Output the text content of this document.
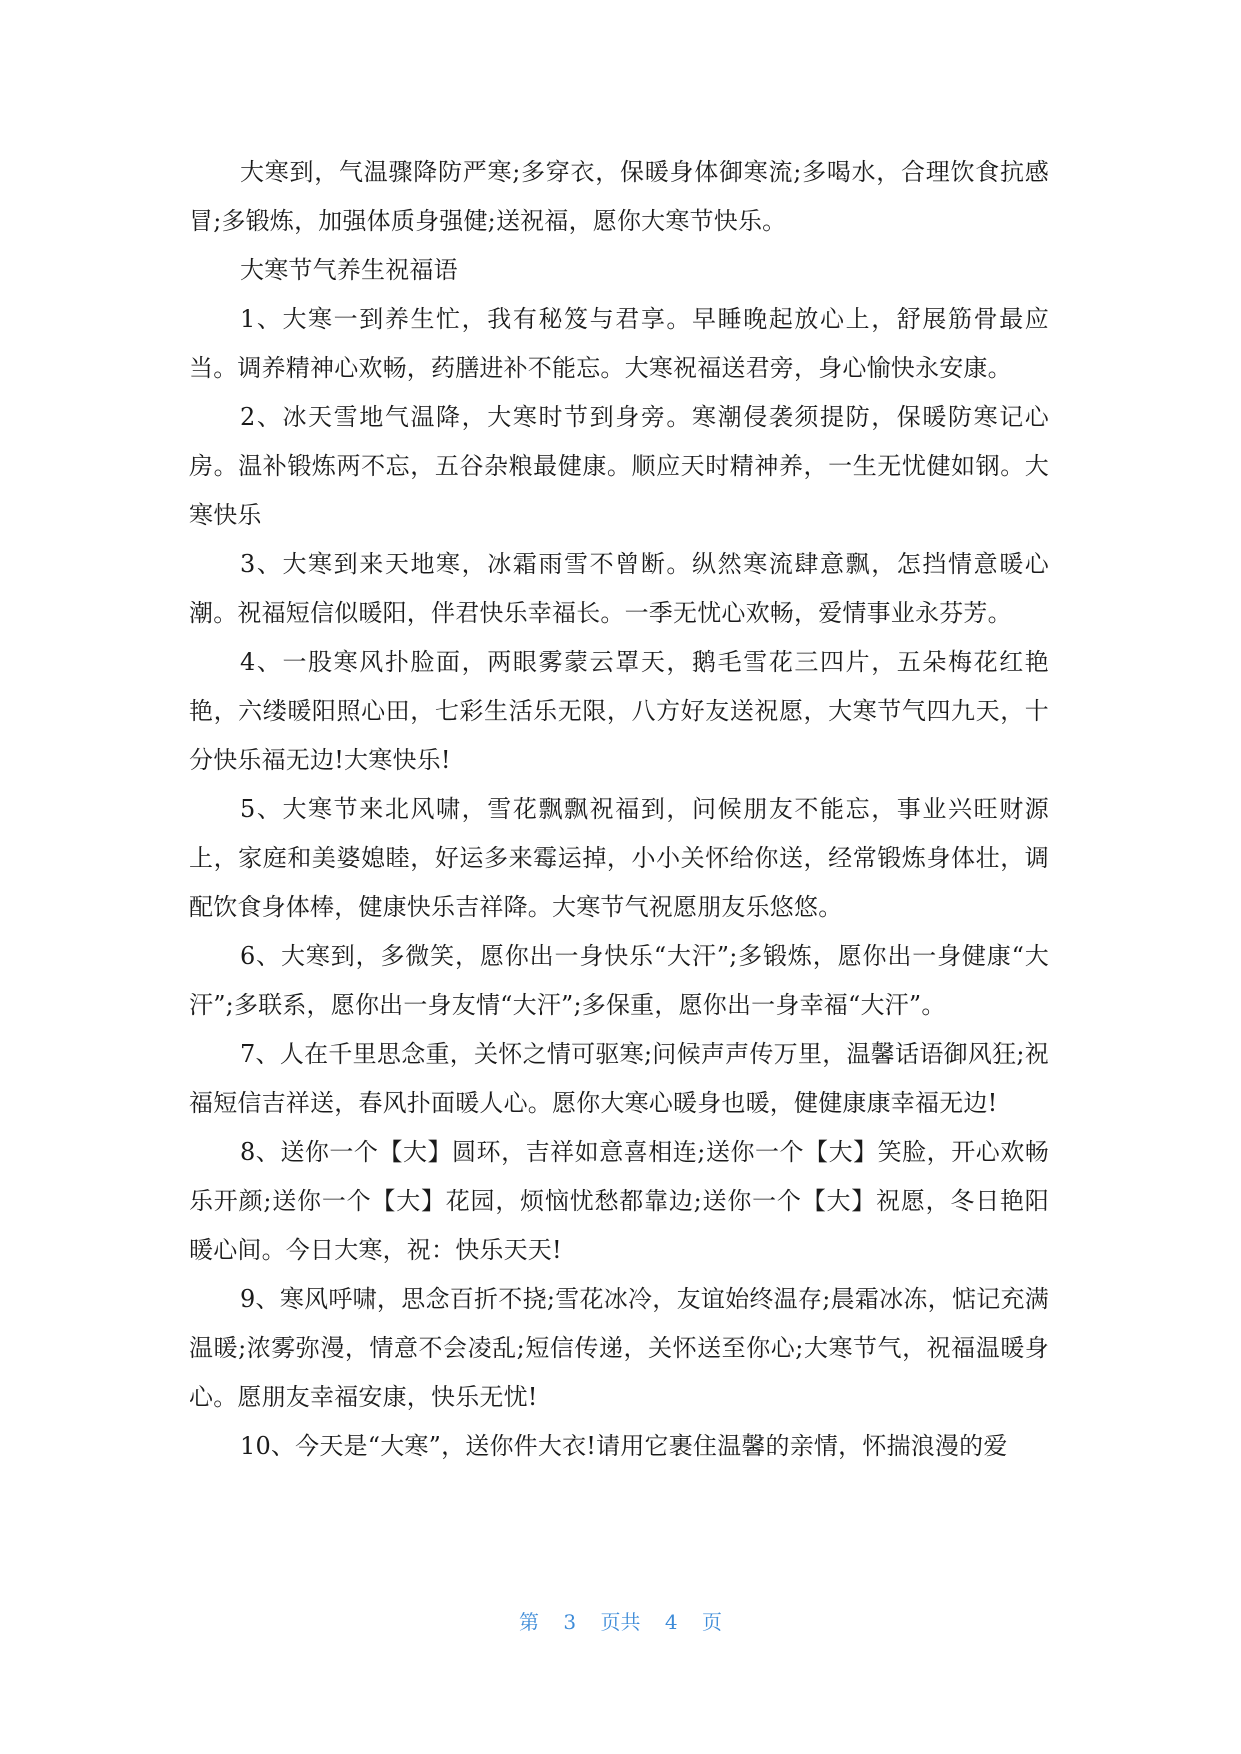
大寒到，气温骤降防严寒;多穿衣，保暖身体御寒流;多喝水，合理饮食抗感冒;多锻炼，加强体质身强健;送祝福，愿你大寒节快乐。

大寒节气养生祝福语

1、大寒一到养生忙，我有秘笈与君享。早睡晚起放心上，舒展筋骨最应当。调养精神心欢畅，药膳进补不能忘。大寒祝福送君旁，身心愉快永安康。

2、冰天雪地气温降，大寒时节到身旁。寒潮侵袭须提防，保暖防寒记心房。温补锻炼两不忘，五谷杂粮最健康。顺应天时精神养，一生无忧健如钢。大寒快乐

3、大寒到来天地寒，冰霜雨雪不曾断。纵然寒流肆意飘，怎挡情意暖心潮。祝福短信似暖阳，伴君快乐幸福长。一季无忧心欢畅，爱情事业永芬芳。

4、一股寒风扑脸面，两眼雾蒙云罩天，鹅毛雪花三四片，五朵梅花红艳艳，六缕暖阳照心田，七彩生活乐无限，八方好友送祝愿，大寒节气四九天，十分快乐福无边!大寒快乐!

5、大寒节来北风啸，雪花飘飘祝福到，问候朋友不能忘，事业兴旺财源上，家庭和美婆媳睦，好运多来霉运掉，小小关怀给你送，经常锻炼身体壮，调配饮食身体棒，健康快乐吉祥降。大寒节气祝愿朋友乐悠悠。

6、大寒到，多微笑，愿你出一身快乐“大汗”;多锻炼，愿你出一身健康“大汗”;多联系，愿你出一身友情“大汗”;多保重，愿你出一身幸福“大汗”。

7、人在千里思念重，关怀之情可驱寒;问候声声传万里，温馨话语御风狂;祝福短信吉祥送，春风扑面暖人心。愿你大寒心暖身也暖，健健康康幸福无边!

8、送你一个【大】圆环，吉祥如意喜相连;送你一个【大】笑脸，开心欢畅乐开颜;送你一个【大】花园，烦恼忧愁都靠边;送你一个【大】祝愿，冬日艳阳暖心间。今日大寒，祝：快乐天天!

9、寒风呼啸，思念百折不挠;雪花冰冷，友谊始终温存;晨霜冰冻，惦记充满温暖;浓雾弥漫，情意不会凌乱;短信传递，关怀送至你心;大寒节气，祝福温暖身心。愿朋友幸福安康，快乐无忧!

10、今天是“大寒”，送你件大衣!请用它裹住温馨的亲情，怀揣浪漫的爱

第 3 页共 4 页
